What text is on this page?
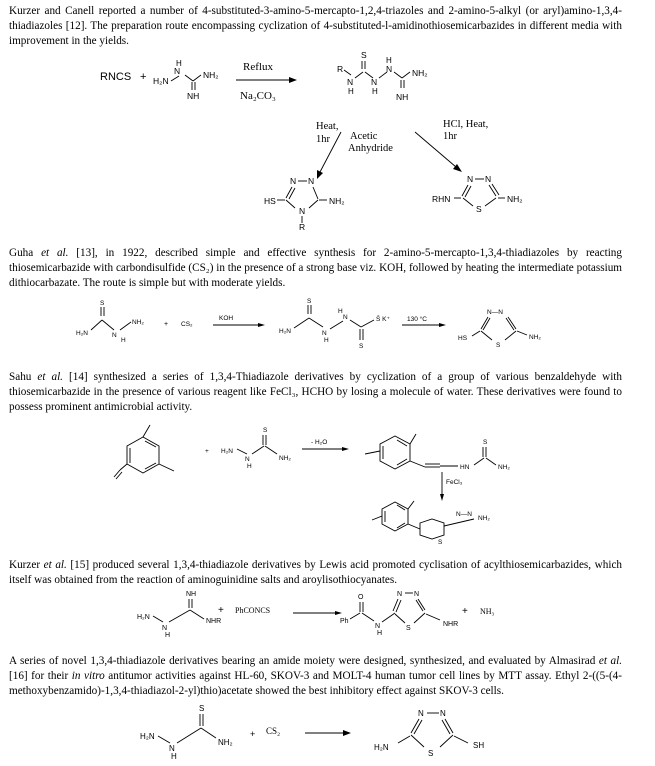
Kurzer and Canell reported a number of 4-substituted-3-amino-5-mercapto-1,2,4-triazoles and 2-amino-5-alkyl (or aryl)amino-1,3,4-thiadiazoles [12]. The preparation route encompassing cyclization of 4-substituted-l-amidinothiosemicarbazides in different media with improvement in the yields.

RNCS + H₂N
H
N	NH₂
NH
Reflux
Na₂CO₃
R
N
H
S
N
H
H
N NH₂
NH
Heat,
1hr Acetic
Anhydride
HCl, Heat,
1hr
N N
N
R
HS	NH₂
N N
S
RHN	NH₂

Guha et al. [13], in 1922, described simple and effective synthesis for 2-amino-5-mercapto-1,3,4-thiadiazoles by reacting thiosemicarbazide with carbondisulfide (CS₂) in the presence of a strong base viz. KOH, followed by heating the intermediate potassium dithiocarbazate. The route is simple but with moderate yields.

S
H₂N	N
H
NH₂	+ CS₂
KOH
S
H₂N	N
H
N
H
S̄ K⁺
S
130 °C
N—N
S
HS	NH₂

Sahu et al. [14] synthesized a series of 1,3,4-Thiadiazole derivatives by cyclization of a group of various benzaldehyde with thiosemicarbazide in the presence of various reagent like FeCl₃, HCHO by losing a molecule of water. These derivatives were found to possess prominent antimicrobial activity.

+ H₂N
N
H
S
NH₂
- H₂O
HN
S
NH₂
FeCl₃
N—N
S
NH₂

Kurzer et al. [15] produced several 1,3,4-thiadiazole derivatives by Lewis acid promoted cyclisation of acylthiosemicarbazides, which itself was obtained from the reaction of aminoguinidine salts and aroylisothiocyanates.

NH
H₂N
N
H
NHR
+ PhCONCS
Ph
O
N
H
N N
S
NHR
+ NH₃

A series of novel 1,3,4-thiadiazole derivatives bearing an amide moiety were designed, synthesized, and evaluated by Almasirad et al. [16] for their in vitro antitumor activities against HL-60, SKOV-3 and MOLT-4 human tumor cell lines by MTT assay. Ethyl 2-((5-(4-methoxybenzamido)-1,3,4-thiadiazol-2-yl)thio)acetate showed the best inhibitory effect against SKOV-3 cells.

S
H₂N
N
H
NH₂
+ CS₂
N N
S
H₂N	SH
